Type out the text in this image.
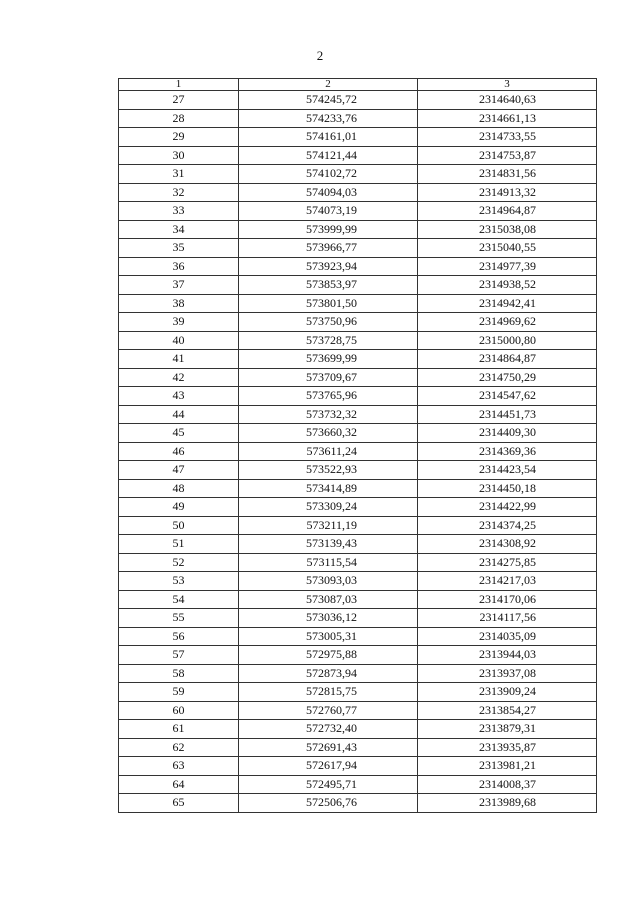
2
1	2	3
27	574245,72	2314640,63
28	574233,76	2314661,13
29	574161,01	2314733,55
30	574121,44	2314753,87
31	574102,72	2314831,56
32	574094,03	2314913,32
33	574073,19	2314964,87
34	573999,99	2315038,08
35	573966,77	2315040,55
36	573923,94	2314977,39
37	573853,97	2314938,52
38	573801,50	2314942,41
39	573750,96	2314969,62
40	573728,75	2315000,80
41	573699,99	2314864,87
42	573709,67	2314750,29
43	573765,96	2314547,62
44	573732,32	2314451,73
45	573660,32	2314409,30
46	573611,24	2314369,36
47	573522,93	2314423,54
48	573414,89	2314450,18
49	573309,24	2314422,99
50	573211,19	2314374,25
51	573139,43	2314308,92
52	573115,54	2314275,85
53	573093,03	2314217,03
54	573087,03	2314170,06
55	573036,12	2314117,56
56	573005,31	2314035,09
57	572975,88	2313944,03
58	572873,94	2313937,08
59	572815,75	2313909,24
60	572760,77	2313854,27
61	572732,40	2313879,31
62	572691,43	2313935,87
63	572617,94	2313981,21
64	572495,71	2314008,37
65	572506,76	2313989,68
